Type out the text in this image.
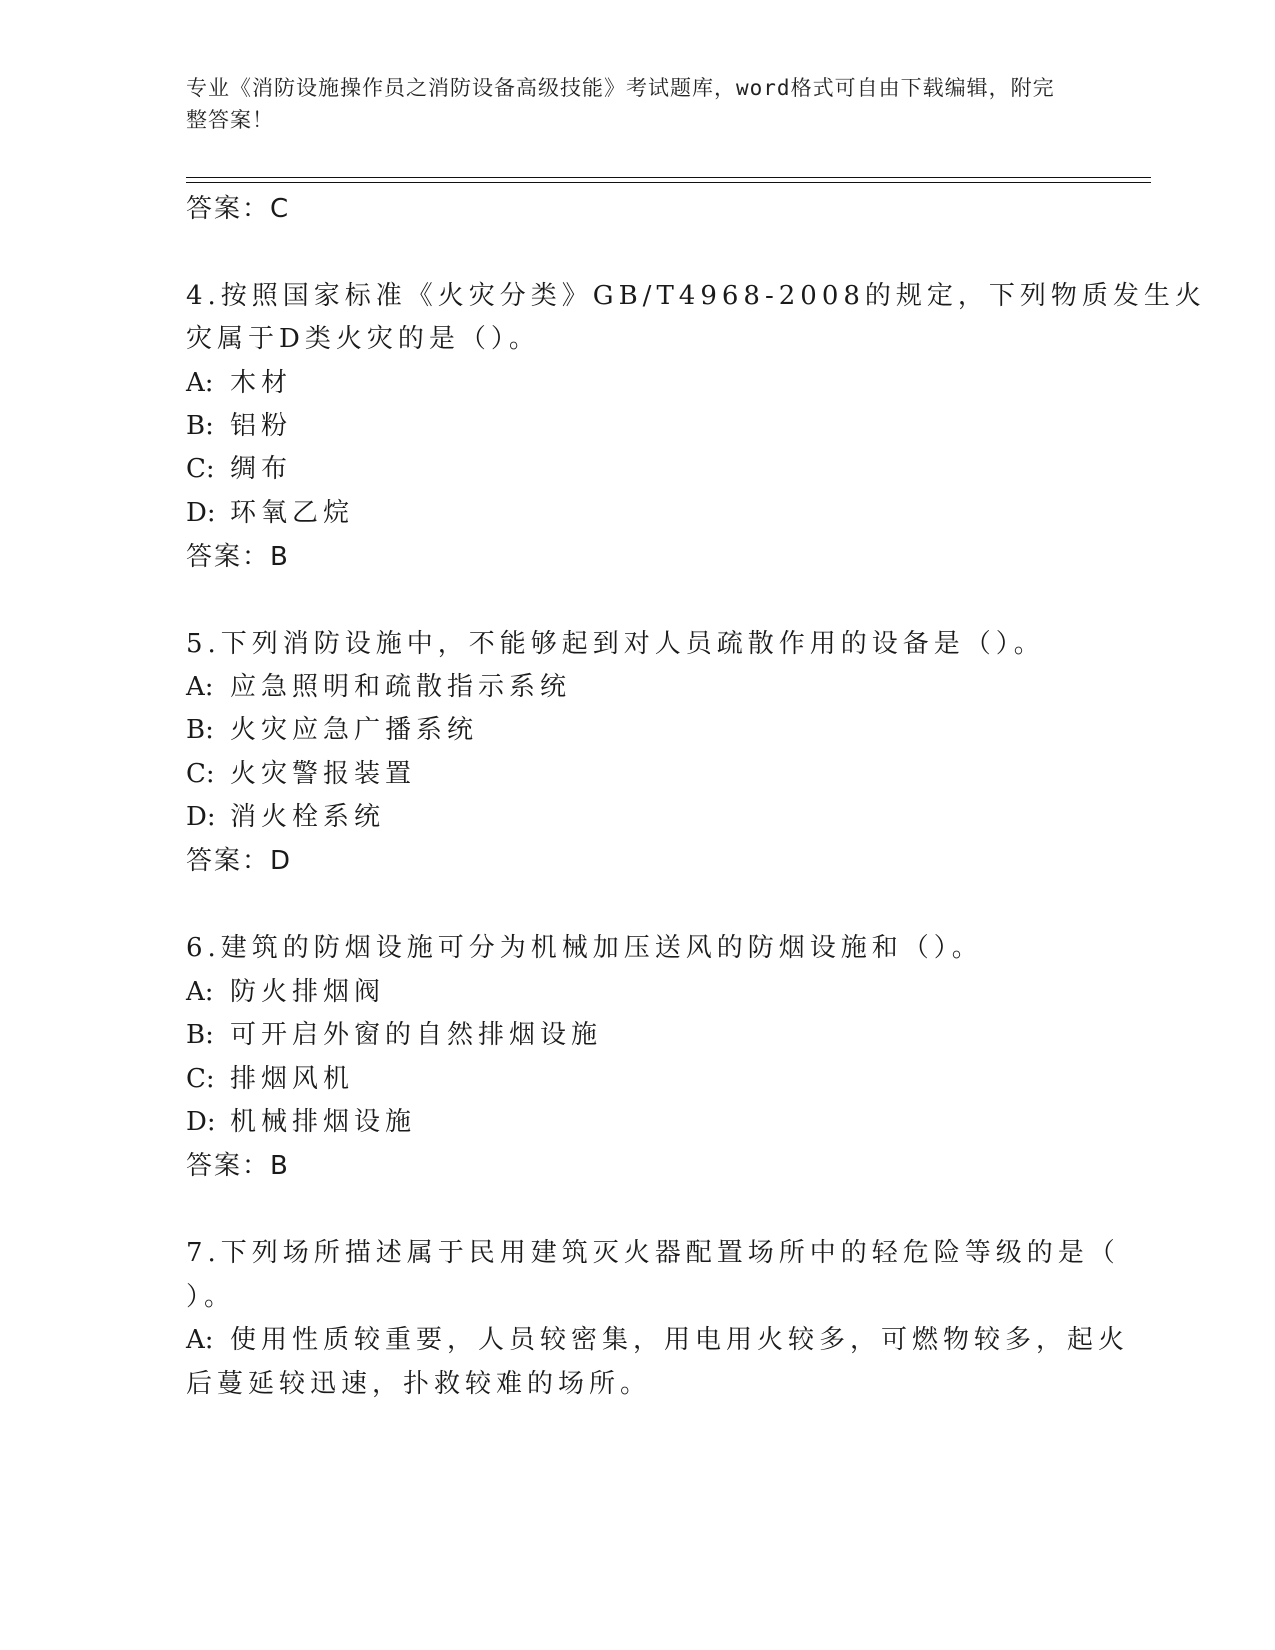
专业《消防设施操作员之消防设备高级技能》考试题库，word格式可自由下载编辑，附完整答案！
答案：C
4.按照国家标准《火灾分类》GB/T4968-2008的规定，下列物质发生火
灾属于D类火灾的是（）。
A: 木材
B: 铝粉
C: 绸布
D: 环氧乙烷
答案：B
5.下列消防设施中，不能够起到对人员疏散作用的设备是（）。
A: 应急照明和疏散指示系统
B: 火灾应急广播系统
C: 火灾警报装置
D: 消火栓系统
答案：D
6.建筑的防烟设施可分为机械加压送风的防烟设施和（）。
A: 防火排烟阀
B: 可开启外窗的自然排烟设施
C: 排烟风机
D: 机械排烟设施
答案：B
7.下列场所描述属于民用建筑灭火器配置场所中的轻危险等级的是（
）。
A: 使用性质较重要，人员较密集，用电用火较多，可燃物较多，起火
后蔓延较迅速，扑救较难的场所。
